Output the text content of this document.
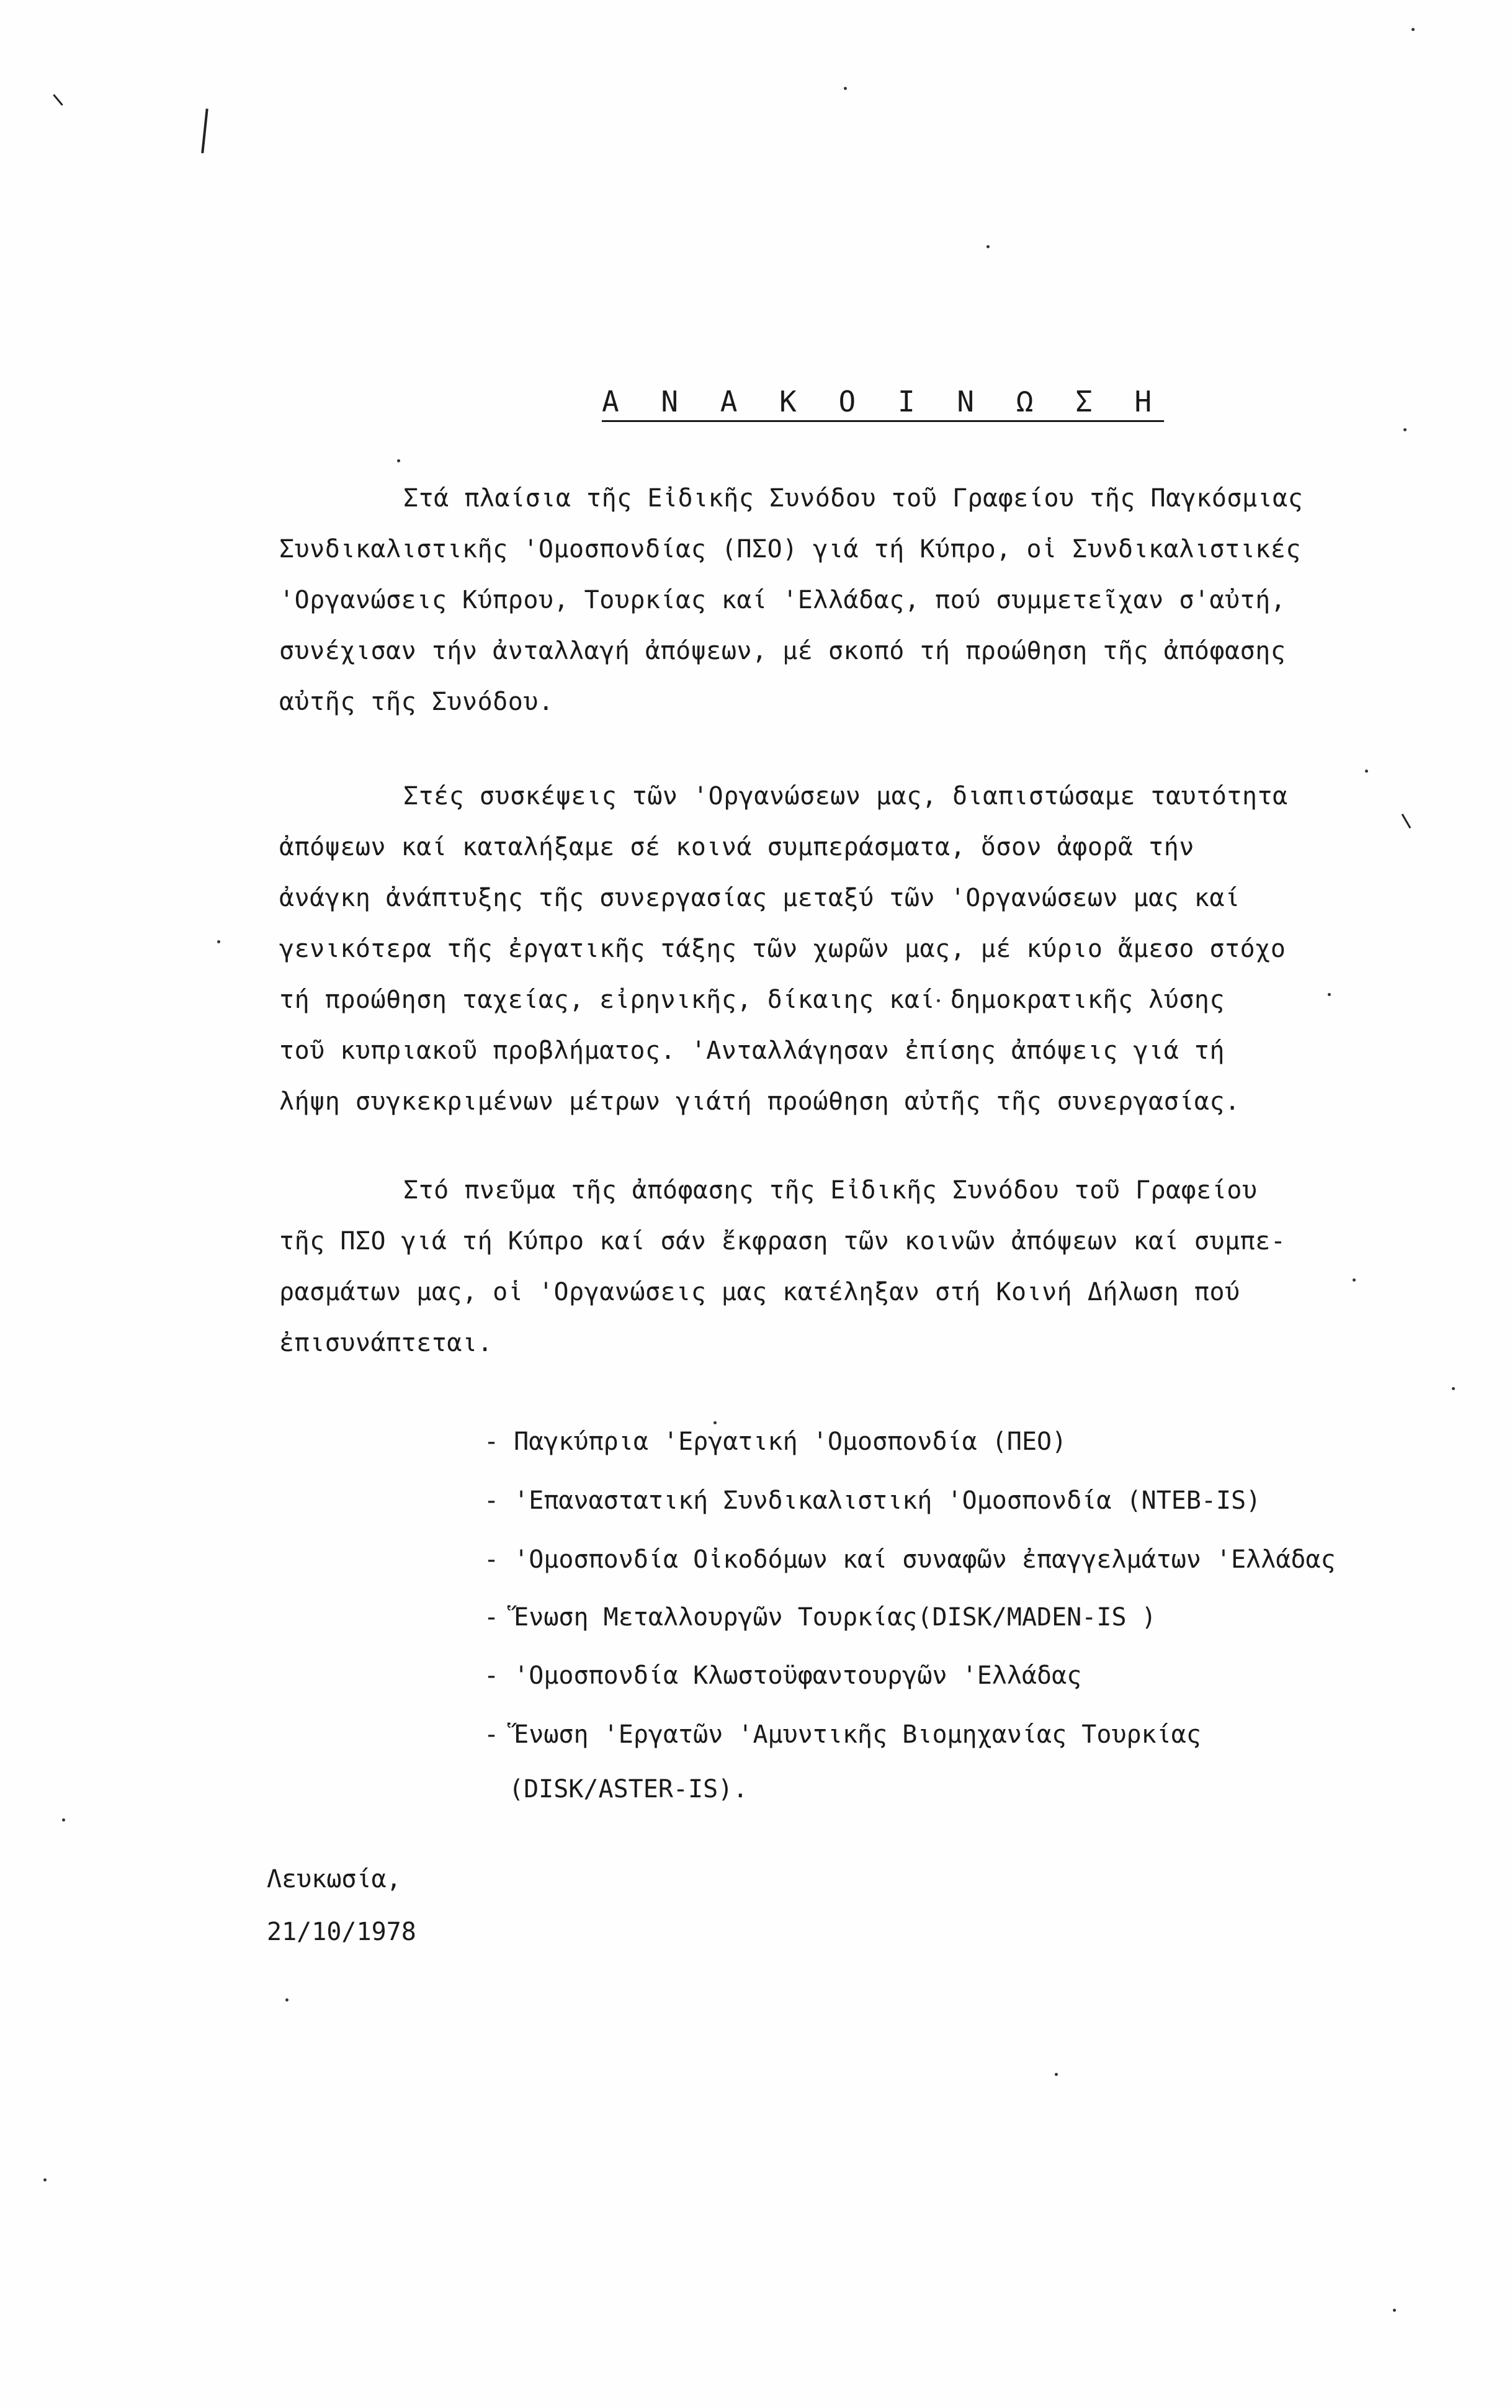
Α Ν Α Κ Ο Ι Ν Ω Σ Η
Στά πλαίσια τῆς Εἰδικῆς Συνόδου τοῦ Γραφείου τῆς Παγκόσμιας
Συνδικαλιστικῆς 'Ομοσπονδίας (ΠΣΟ) γιά τή Κύπρο, οἱ Συνδικαλιστικές
'Οργανώσεις Κύπρου, Τουρκίας καί 'Ελλάδας, πού συμμετεῖχαν σ'αὐτή,
συνέχισαν τήν ἀνταλλαγή ἀπόψεων, μέ σκοπό τή προώθηση τῆς ἀπόφασης
αὐτῆς τῆς Συνόδου.
Στές συσκέψεις τῶν 'Οργανώσεων μας, διαπιστώσαμε ταυτότητα
ἀπόψεων καί καταλήξαμε σέ κοινά συμπεράσματα, ὅσον ἀφορᾶ τήν
ἀνάγκη ἀνάπτυξης τῆς συνεργασίας μεταξύ τῶν 'Οργανώσεων μας καί
γενικότερα τῆς ἐργατικῆς τάξης τῶν χωρῶν μας, μέ κύριο ἄμεσο στόχο
τή προώθηση ταχείας, εἰρηνικῆς, δίκαιης καί δημοκρατικῆς λύσης
τοῦ κυπριακοῦ προβλήματος. 'Ανταλλάγησαν ἐπίσης ἀπόψεις γιά τή
λήψη συγκεκριμένων μέτρων γιάτή προώθηση αὐτῆς τῆς συνεργασίας.
Στό πνεῦμα τῆς ἀπόφασης τῆς Εἰδικῆς Συνόδου τοῦ Γραφείου
τῆς ΠΣΟ γιά τή Κύπρο καί σάν ἔκφραση τῶν κοινῶν ἀπόψεων καί συμπε-
ρασμάτων μας, οἱ 'Οργανώσεις μας κατέληξαν στή Κοινή Δήλωση πού
ἐπισυνάπτεται.
- Παγκύπρια 'Εργατική 'Ομοσπονδία (ΠΕΟ)
- 'Επαναστατική Συνδικαλιστική 'Ομοσπονδία (NTEB-IS)
- 'Ομοσπονδία Οἰκοδόμων καί συναφῶν ἐπαγγελμάτων 'Ελλάδας
- Ἕνωση Μεταλλουργῶν Τουρκίας(DISK/MADEN-IS )
- 'Ομοσπονδία Κλωστοϋφαντουργῶν 'Ελλάδας
- Ἕνωση 'Εργατῶν 'Αμυντικῆς Βιομηχανίας Τουρκίας
(DISK/ASTER-IS).
Λευκωσία,
21/10/1978
